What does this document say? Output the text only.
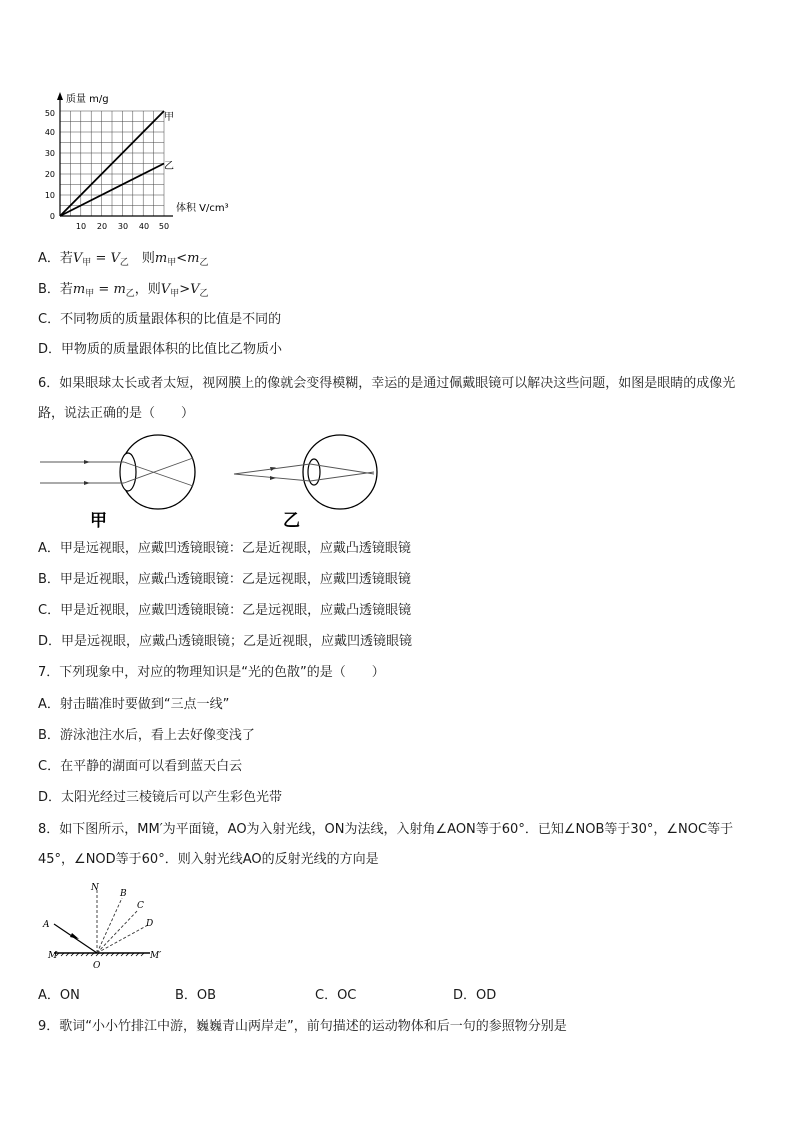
质量 m/g
体积 V/cm³
甲
乙
0
10
20
30
40
50
10 20 30 40 50
A．若$V_甲 = V_乙$　则$m_甲<m_乙$
B．若$m_甲 = m_乙$，则$V_甲>V_乙$
C．不同物质的质量跟体积的比值是不同的
D．甲物质的质量跟体积的比值比乙物质小
6．如果眼球太长或者太短，视网膜上的像就会变得模糊，幸运的是通过佩戴眼镜可以解决这些问题，如图是眼睛的成像光路，说法正确的是（　　）
甲	乙
A．甲是远视眼，应戴凹透镜眼镜：乙是近视眼，应戴凸透镜眼镜
B．甲是近视眼，应戴凸透镜眼镜：乙是远视眼，应戴凹透镜眼镜
C．甲是近视眼，应戴凹透镜眼镜：乙是远视眼，应戴凸透镜眼镜
D．甲是远视眼，应戴凸透镜眼镜；乙是近视眼，应戴凹透镜眼镜
7．下列现象中，对应的物理知识是“光的色散”的是（　　）
A．射击瞄准时要做到“三点一线”
B．游泳池注水后，看上去好像变浅了
C．在平静的湖面可以看到蓝天白云
D．太阳光经过三棱镜后可以产生彩色光带
8．如下图所示，MM′为平面镜，AO为入射光线，ON为法线，入射角∠AON等于60°．已知∠NOB等于30°，∠NOC等于45°，∠NOD等于60°．则入射光线AO的反射光线的方向是
N
B
C
D
A
M	M′
O
A．ON	B．OB	C．OC	D．OD
9．歌词“小小竹排江中游，巍巍青山两岸走”，前句描述的运动物体和后一句的参照物分别是
